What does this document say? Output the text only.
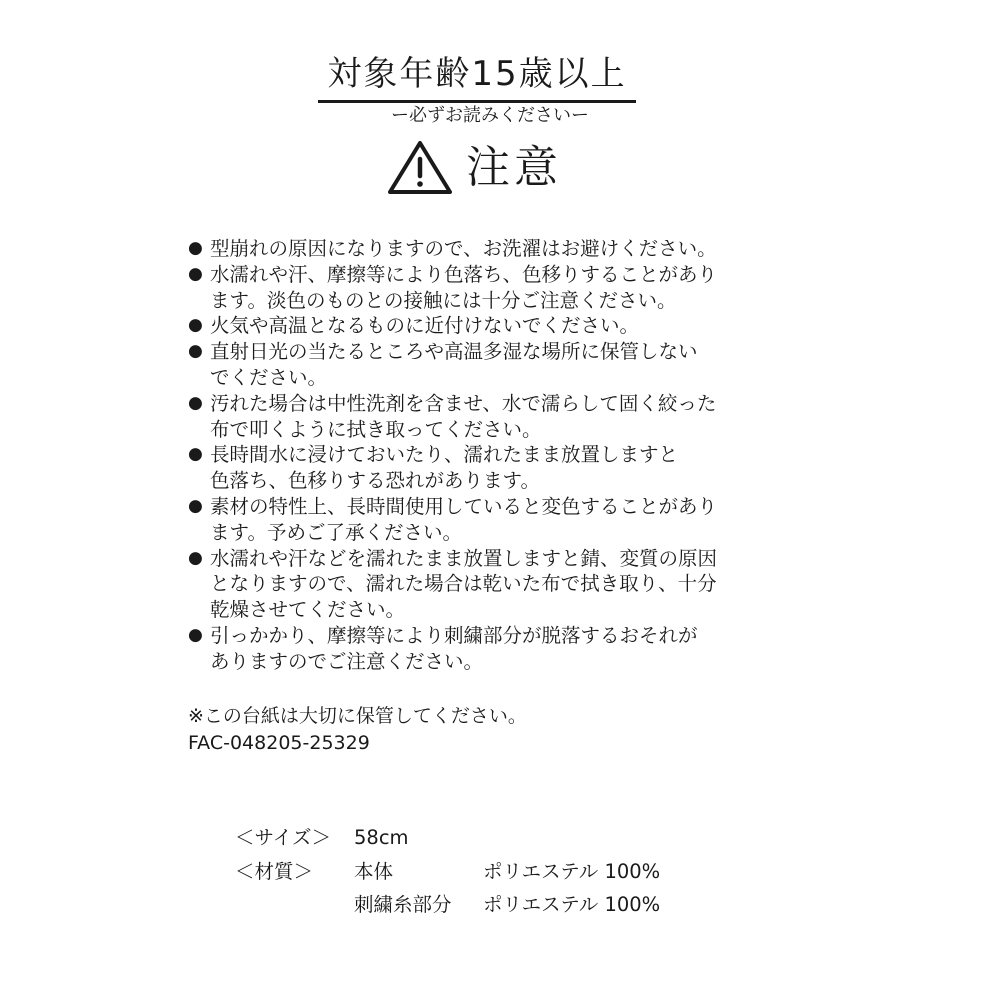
対象年齢15歳以上
ー必ずお読みくださいー
注意
● 型崩れの原因になりますので、お洗濯はお避けください。
● 水濡れや汗、摩擦等により色落ち、色移りすることがあり
ます。淡色のものとの接触には十分ご注意ください。
● 火気や高温となるものに近付けないでください。
● 直射日光の当たるところや高温多湿な場所に保管しない
でください。
● 汚れた場合は中性洗剤を含ませ、水で濡らして固く絞った
布で叩くように拭き取ってください。
● 長時間水に浸けておいたり、濡れたまま放置しますと
色落ち、色移りする恐れがあります。
● 素材の特性上、長時間使用していると変色することがあり
ます。予めご了承ください。
● 水濡れや汗などを濡れたまま放置しますと錆、変質の原因
となりますので、濡れた場合は乾いた布で拭き取り、十分
乾燥させてください。
● 引っかかり、摩擦等により刺繍部分が脱落するおそれが
ありますのでご注意ください。
※この台紙は大切に保管してください。
FAC-048205-25329
＜サイズ＞ 58cm
＜材質＞ 本体	ポリエステル 100%
刺繍糸部分 ポリエステル 100%
